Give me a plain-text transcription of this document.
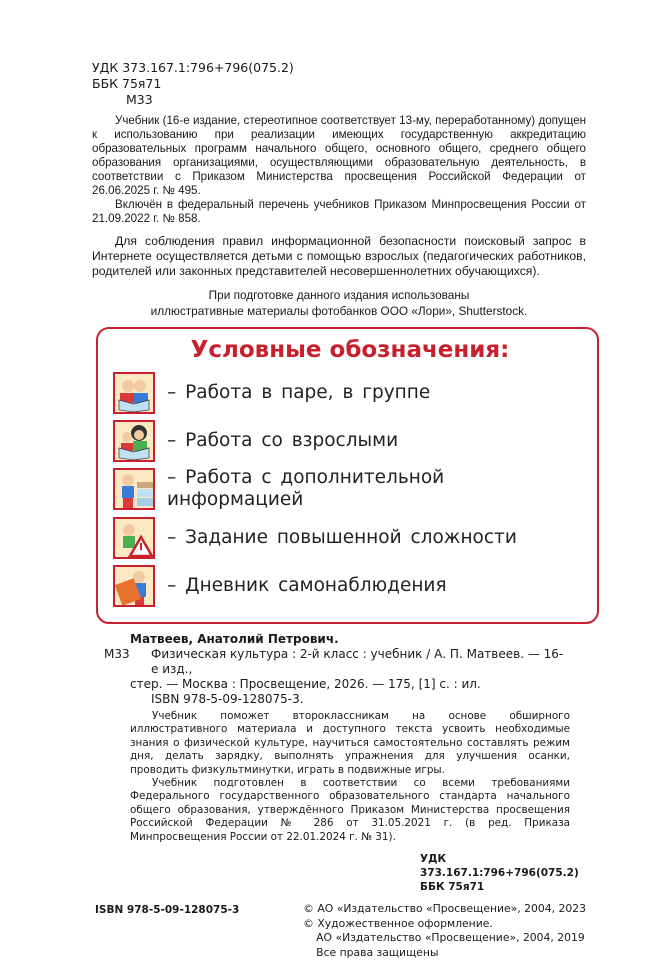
УДК 373.167.1:796+796(075.2)
ББК 75я71
М33

Учебник (16-е издание, стереотипное соответствует 13-му, переработанному) допущен к использованию при реализации имеющих государственную аккредитацию образовательных программ начального общего, основного общего, среднего общего образования организациями, осуществляющими образовательную деятельность, в соответствии с Приказом Министерства просвещения Российской Федерации от 26.06.2025 г. № 495.

Включён в федеральный перечень учебников Приказом Минпросвещения России от 21.09.2022 г. № 858.

Для соблюдения правил информационной безопасности поисковый запрос в Интернете осуществляется детьми с помощью взрослых (педагогических работников, родителей или законных представителей несовершеннолетних обучающихся).

При подготовке данного издания использованы
иллюстративные материалы фотобанков ООО «Лори», Shutterstock.
Условные обозначения:
– Работа в паре, в группе
– Работа со взрослыми
– Работа с дополнительной информацией
– Задание повышенной сложности
– Дневник самонаблюдения
Матвеев, Анатолий Петрович.
М33	Физическая культура : 2-й класс : учебник / А. П. Матвеев. — 16-е изд.,
стер. — Москва : Просвещение, 2026. — 175, [1] с. : ил.
ISBN 978-5-09-128075-3.
Учебник поможет второклассникам на основе обширного иллюстративного материала и доступного текста усвоить необходимые знания о физической культуре, научиться самостоятельно составлять режим дня, делать зарядку, выполнять упражнения для улучшения осанки, проводить физкультминутки, играть в подвижные игры.
Учебник подготовлен в соответствии со всеми требованиями Федерального государственного образовательного стандарта начального общего образования, утверждённого Приказом Министерства просвещения Российской Федерации № 286 от 31.05.2021 г. (в ред. Приказа Минпросвещения России от 22.01.2024 г. № 31).
УДК 373.167.1:796+796(075.2)
ББК 75я71
ISBN 978-5-09-128075-3	© АО «Издательство «Просвещение», 2004, 2023
© Художественное оформление.
АО «Издательство «Просвещение», 2004, 2019
Все права защищены
